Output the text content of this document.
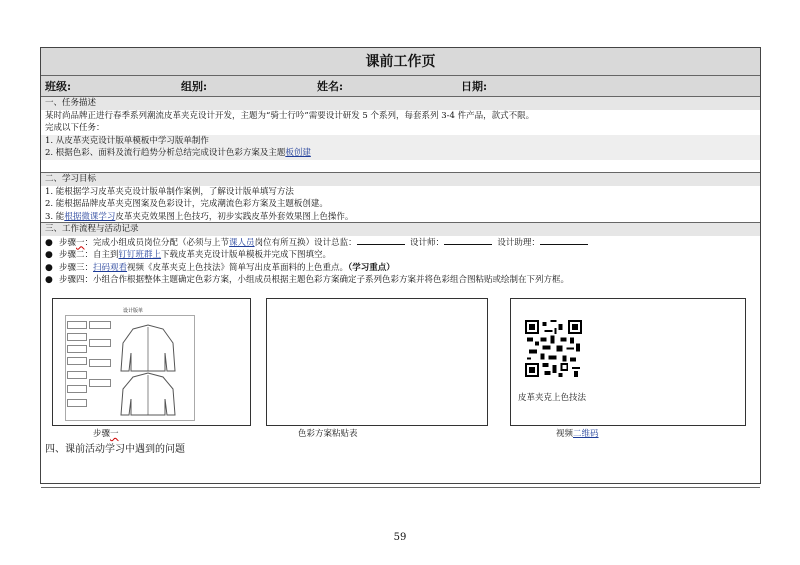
课前工作页
班级:	组别:	姓名:	日期:
一、任务描述
某时尚品牌正进行春季系列潮流皮革夹克设计开发，主题为“骑士行吟”需要设计研发 5 个系列，每套系列 3-4 件产品，款式不限。
完成以下任务：
1. 从皮革夹克设计版单模板中学习版单制作
2. 根据色彩、面料及流行趋势分析总结完成设计色彩方案及主题板创建
二、学习目标
1. 能根据学习皮革夹克设计版单制作案例，了解设计版单填写方法
2. 能根据品牌皮革夹克图案及色彩设计，完成潮流色彩方案及主题板创建。
3. 能根据微课学习皮革夹克效果图上色技巧，初步实践皮革外套效果图上色操作。
三、工作流程与活动记录
● 步骤一：完成小组成员岗位分配（必须与上节课人员岗位有所互换）设计总监：	设计师：	设计助理：
● 步骤二：自主到钉钉班群上下载皮革夹克设计版单模板并完成下图填空。
● 步骤三：扫码观看视频《皮革夹克上色技法》简单写出皮革面料的上色重点。（学习重点）
● 步骤四：小组合作根据整体主题确定色彩方案，小组成员根据主题色彩方案确定子系列色彩方案并将色彩组合图粘贴或绘制在下列方框。
四、课前活动学习中遇到的问题
设计版单
步骤一	色彩方案粘贴表
皮革夹克上色技法
视频二维码
59
